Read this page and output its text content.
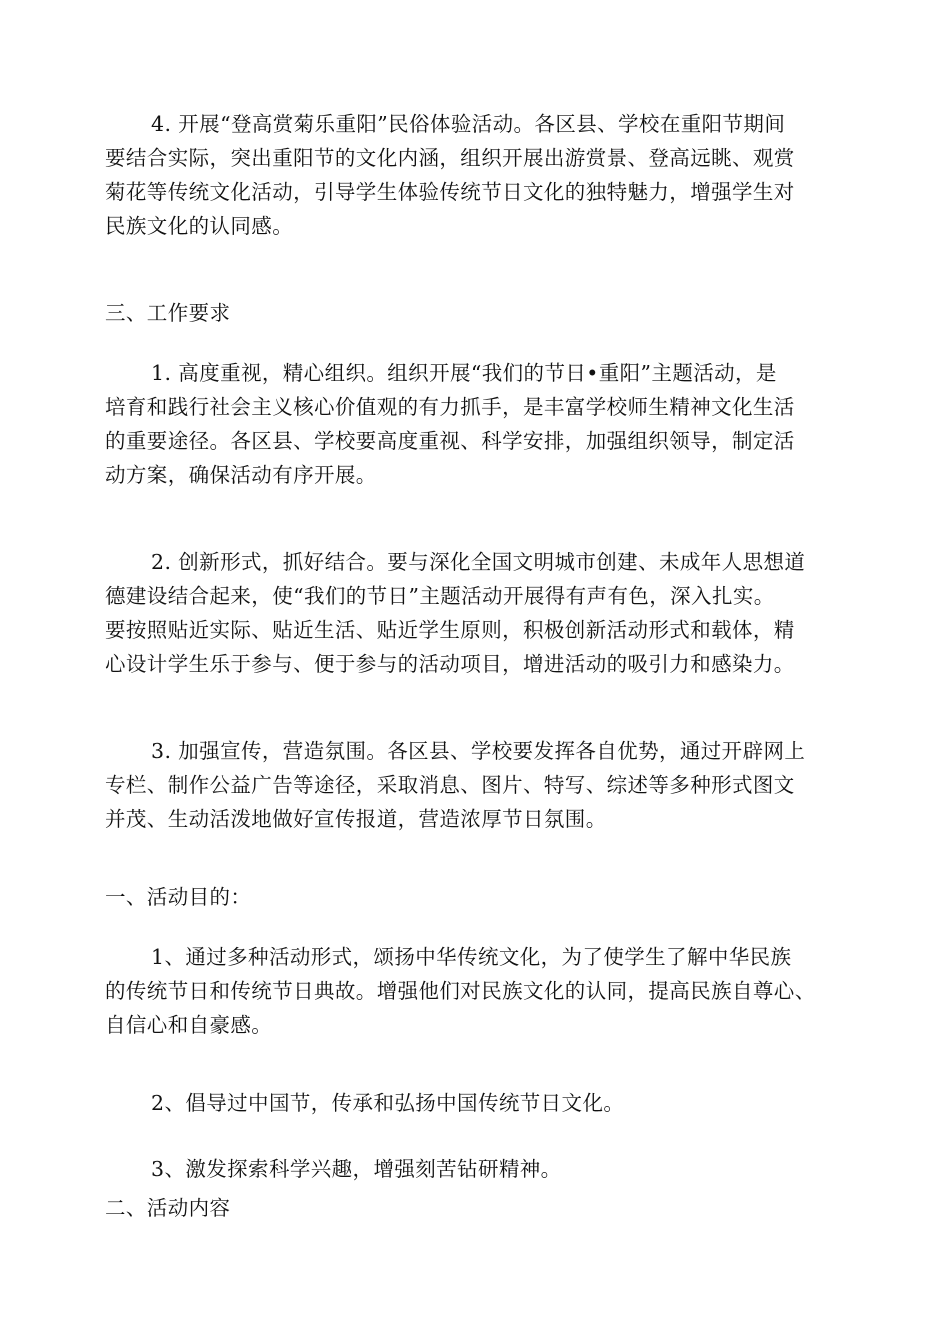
4. 开展“登高赏菊乐重阳”民俗体验活动。各区县、学校在重阳节期间
要结合实际，突出重阳节的文化内涵，组织开展出游赏景、登高远眺、观赏
菊花等传统文化活动，引导学生体验传统节日文化的独特魅力，增强学生对
民族文化的认同感。

三、工作要求

1. 高度重视，精心组织。组织开展“我们的节日•重阳”主题活动，是
培育和践行社会主义核心价值观的有力抓手，是丰富学校师生精神文化生活
的重要途径。各区县、学校要高度重视、科学安排，加强组织领导，制定活
动方案，确保活动有序开展。

2. 创新形式，抓好结合。要与深化全国文明城市创建、未成年人思想道
德建设结合起来，使“我们的节日”主题活动开展得有声有色，深入扎实。
要按照贴近实际、贴近生活、贴近学生原则，积极创新活动形式和载体，精
心设计学生乐于参与、便于参与的活动项目，增进活动的吸引力和感染力。

3. 加强宣传，营造氛围。各区县、学校要发挥各自优势，通过开辟网上
专栏、制作公益广告等途径，采取消息、图片、特写、综述等多种形式图文
并茂、生动活泼地做好宣传报道，营造浓厚节日氛围。

一、活动目的：

1、通过多种活动形式，颂扬中华传统文化，为了使学生了解中华民族
的传统节日和传统节日典故。增强他们对民族文化的认同，提高民族自尊心、
自信心和自豪感。

2、倡导过中国节，传承和弘扬中国传统节日文化。

3、激发探索科学兴趣，增强刻苦钻研精神。

二、活动内容
